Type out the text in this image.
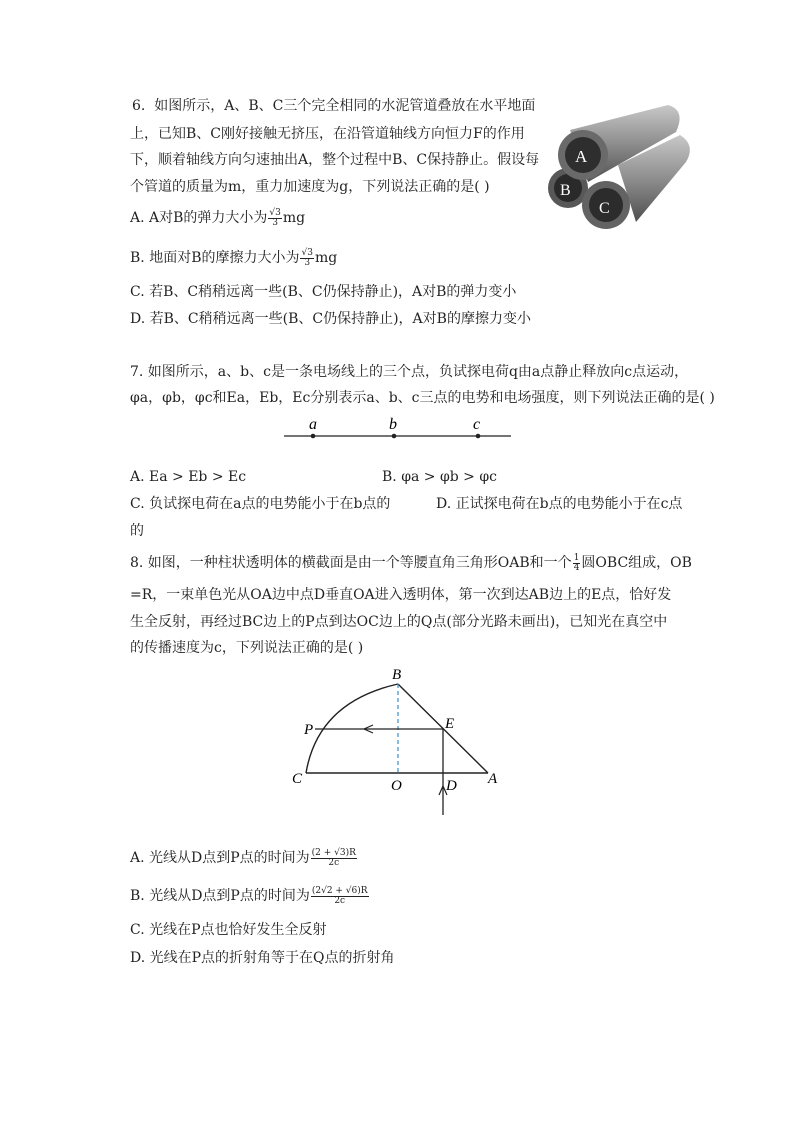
6. 如图所示，A、B、C三个完全相同的水泥管道叠放在水平地面
上，已知B、C刚好接触无挤压，在沿管道轴线方向恒力F的作用
下，顺着轴线方向匀速抽出A，整个过程中B、C保持静止。假设每
个管道的质量为m，重力加速度为g，下列说法正确的是( )
A. A对B的弹力大小为 $\frac{√3}{3}$ mg
B. 地面对B的摩擦力大小为 $\frac{√3}{3}$ mg
C. 若B、C稍稍远离一些(B、C仍保持静止)，A对B的弹力变小
D. 若B、C稍稍远离一些(B、C仍保持静止)，A对B的摩擦力变小
A
B
C
7. 如图所示，a、b、c是一条电场线上的三个点，负试探电荷q由a点静止释放向c点运动，
φa，φb，φc和Ea，Eb，Ec分别表示a、b、c三点的电势和电场强度，则下列说法正确的是( )
a	b	c
A. Ea > Eb > Ec	B. φa > φb > φc
C. 负试探电荷在a点的电势能小于在b点的	D. 正试探电荷在b点的电势能小于在c点
的
8. 如图，一种柱状透明体的横截面是由一个等腰直角三角形OAB和一个 $\frac{1}{4}$ 圆OBC组成，OB
=R，一束单色光从OA边中点D垂直OA进入透明体，第一次到达AB边上的E点，恰好发
生全反射，再经过BC边上的P点到达OC边上的Q点(部分光路未画出)，已知光在真空中
的传播速度为c，下列说法正确的是( )
B
P	E
C	O	D A
A. 光线从D点到P点的时间为 $\frac{(2 + √3)R}{2c}$
B. 光线从D点到P点的时间为 $\frac{(2√2 + √6)R}{2c}$
C. 光线在P点也恰好发生全反射
D. 光线在P点的折射角等于在Q点的折射角
